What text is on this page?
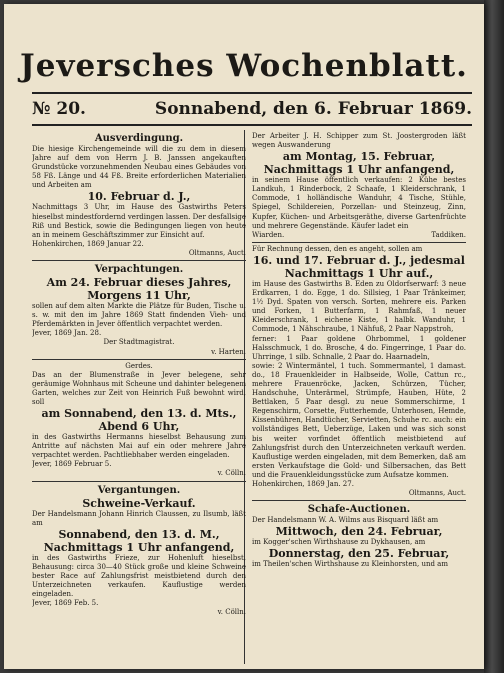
Jeversches Wochenblatt.
№ 20.	Sonnabend, den 6. Februar 1869.
Ausverdingung.
Die hiesige Kirchengemeinde will die zu dem in diesem Jahre auf dem von Herrn J. B. Janssen angekauften Grundstücke vorzunehmenden Neubau eines Gebäudes von 58 Fß. Länge und 44 Fß. Breite erforderlichen Materialien und Arbeiten am
10. Februar d. J.,
Nachmittags 3 Uhr, im Hause des Gastwirths Peters hieselbst mindestfordernd verdingen lassen. Der desfallsige Riß und Bestick, sowie die Bedingungen liegen von heute an in meinem Geschäftszimmer zur Einsicht auf.
Hohenkirchen, 1869 Januar 22.
Oltmanns, Auct.
Verpachtungen.
Am 24. Februar dieses Jahres, Morgens 11 Uhr,
sollen auf dem alten Markte die Plätze für Buden, Tische u. s. w. mit den im Jahre 1869 Statt findenden Vieh- und Pferdemärkten in Jever öffentlich verpachtet werden.
Jever, 1869 Jan. 28.
Der Stadtmagistrat.
v. Harten.
Gerdes.
Das an der Blumenstraße in Jever belegene, sehr geräumige Wohnhaus mit Scheune und dahinter belegenem Garten, welches zur Zeit von Heinrich Fuß bewohnt wird, soll
am Sonnabend, den 13. d. Mts., Abend 6 Uhr,
in des Gastwirths Hermanns hieselbst Behausung zum Antritte auf nächsten Mai auf ein oder mehrere Jahre verpachtet werden. Pachtliebhaber werden eingeladen.
Jever, 1869 Februar 5.
v. Cölln.
Vergantungen.
Schweine-Verkauf.
Der Handelsmann Johann Hinrich Claussen, zu Ilsumb, läßt am
Sonnabend, den 13. d. M., Nachmittags 1 Uhr anfangend,
in des Gastwirths Frieze, zur Hohenluft hieselbst, Behausung: circa 30—40 Stück große und kleine Schweine bester Race auf Zahlungsfrist meistbietend durch den Unterzeichneten verkaufen. Kauflustige werden eingeladen.
Jever, 1869 Feb. 5.
v. Cölln.
Der Arbeiter J. H. Schipper zum St. Joostergroden läßt wegen Auswanderung
am Montag, 15. Februar, Nachmittags 1 Uhr anfangend,
in seinem Hause öffentlich verkaufen: 2 Kühe bestes Landkuh, 1 Rinderbock, 2 Schaafe, 1 Kleiderschrank, 1 Commode, 1 holländische Wanduhr, 4 Tische, Stühle, Spiegel, Schildereien, Porzellan- und Steinzeug, Zinn, Kupfer, Küchen- und Arbeitsgeräthe, diverse Gartenfrüchte und mehrere Gegenstände. Käufer ladet ein
Wiarden.	Taddiken.
Für Rechnung dessen, den es angeht, sollen am
16. und 17. Februar d. J., jedesmal Nachmittags 1 Uhr auf.,
im Hause des Gastwirths B. Eden zu Oldorfserwarf: 3 neue Erdkarren, 1 do. Egge, 1 do. Sillsieg, 1 Paar Tränkeimer, 1½ Dyd. Spaten von versch. Sorten, mehrere eis. Parken und Forken, 1 Butterfarm, 1 Rahmfaß, 1 neuer Kleiderschrank, 1 eichene Kiste, 1 halbk. Wanduhr, 1 Commode, 1 Nähschraube, 1 Nähfuß, 2 Paar Nappstroh,
ferner: 1 Paar goldene Ohrbommel, 1 goldener Halsschmuck, 1 do. Brosche, 4 do. Fingerringe, 1 Paar do. Uhrringe, 1 silb. Schnalle, 2 Paar do. Haarnadeln,
sowie: 2 Wintermäntel, 1 tuch. Sommermantel, 1 damast. do., 18 Frauenkleider in Halbseide, Wolle, Cattun rc., mehrere Frauenröcke, Jacken, Schürzen, Tücher, Handschuhe, Unterärmel, Strümpfe, Hauben, Hüte, 2 Bettlaken, 5 Paar desgl. zu neue Sommerschirme, 1 Regenschirm, Corsette, Futterhemde, Unterhosen, Hemde, Kissenbühren, Handtücher, Servietten, Schuhe rc. auch: ein vollständiges Bett, Ueberzüge, Laken und was sich sonst bis weiter vorfindet öffentlich meistbietend auf Zahlungsfrist durch den Unterzeichneten verkauft werden. Kauflustige werden eingeladen, mit dem Bemerken, daß am ersten Verkaufstage die Gold- und Silbersachen, das Bett und die Frauenkleidungsstücke zum Aufsatze kommen.
Hohenkirchen, 1869 Jan. 27.
Oltmanns, Auct.
Schafe-Auctionen.
Der Handelsmann W. A. Wilms aus Bisquard läßt am
Mittwoch, den 24. Februar,
im Kogger'schen Wirthshause zu Dykhausen, am
Donnerstag, den 25. Februar,
im Theilen'schen Wirthshause zu Kleinhorsten, und am
